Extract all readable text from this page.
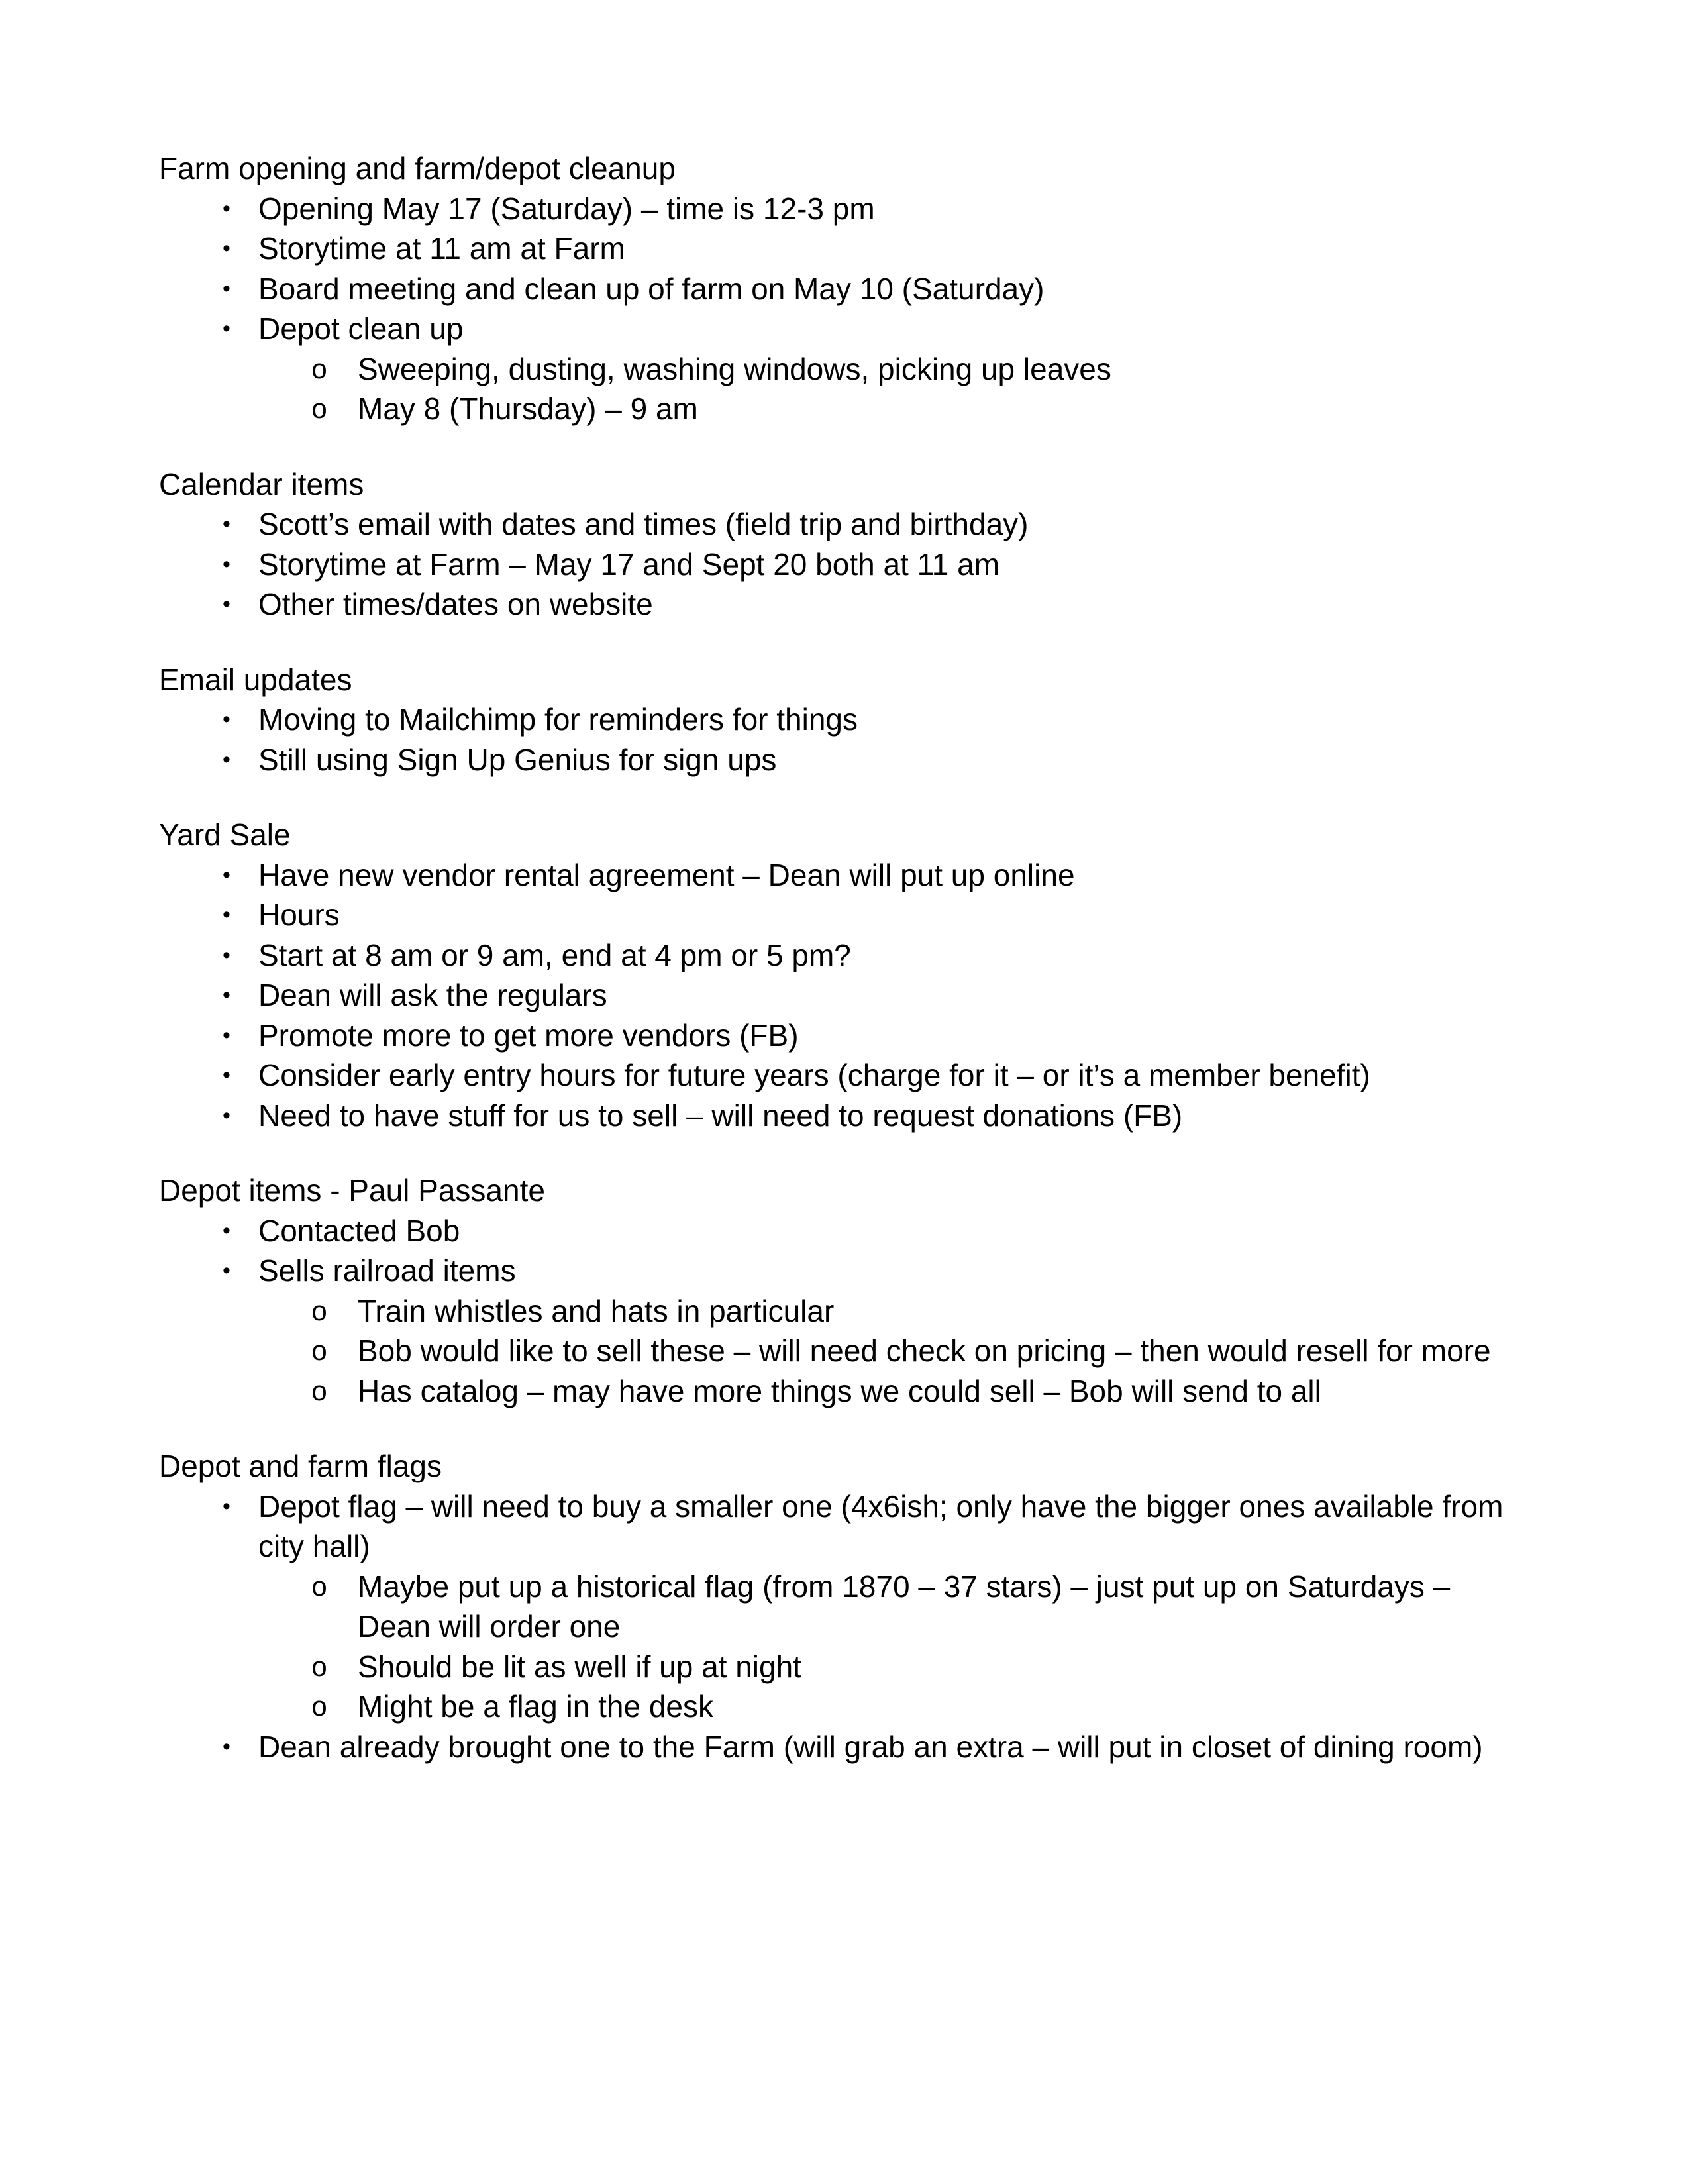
Farm opening and farm/depot cleanup

• Opening May 17 (Saturday) – time is 12-3 pm
• Storytime at 11 am at Farm
• Board meeting and clean up of farm on May 10 (Saturday)
• Depot clean up
o Sweeping, dusting, washing windows, picking up leaves
o May 8 (Thursday) – 9 am

Calendar items

• Scott’s email with dates and times (field trip and birthday)
• Storytime at Farm – May 17 and Sept 20 both at 11 am
• Other times/dates on website

Email updates

• Moving to Mailchimp for reminders for things
• Still using Sign Up Genius for sign ups

Yard Sale

• Have new vendor rental agreement – Dean will put up online
• Hours
• Start at 8 am or 9 am, end at 4 pm or 5 pm?
• Dean will ask the regulars
• Promote more to get more vendors (FB)
• Consider early entry hours for future years (charge for it – or it’s a member benefit)
• Need to have stuff for us to sell – will need to request donations (FB)

Depot items - Paul Passante

• Contacted Bob
• Sells railroad items
o Train whistles and hats in particular
o Bob would like to sell these – will need check on pricing – then would resell for more
o Has catalog – may have more things we could sell – Bob will send to all

Depot and farm flags

• Depot flag – will need to buy a smaller one (4x6ish; only have the bigger ones available from city hall)
o Maybe put up a historical flag (from 1870 – 37 stars) – just put up on Saturdays – Dean will order one
o Should be lit as well if up at night
o Might be a flag in the desk
• Dean already brought one to the Farm (will grab an extra – will put in closet of dining room)
